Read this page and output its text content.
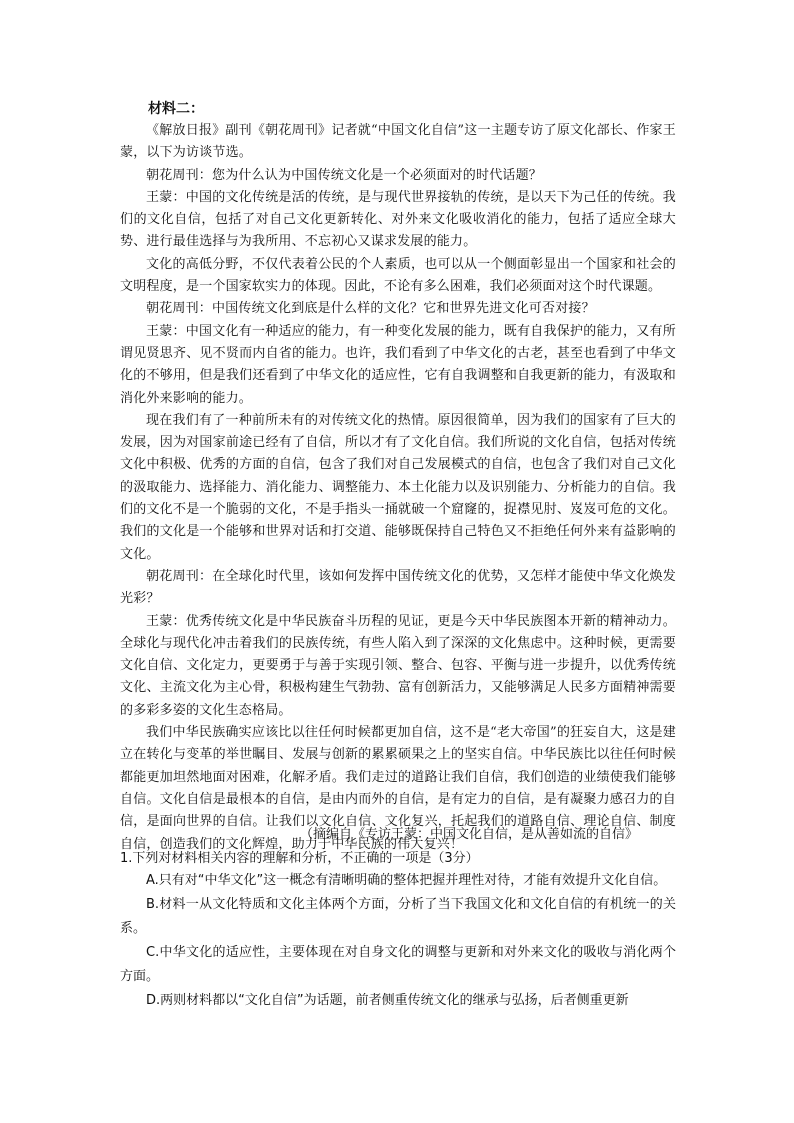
材料二：

《解放日报》副刊《朝花周刊》记者就“中国文化自信”这一主题专访了原文化部长、作家王蒙，以下为访谈节选。

朝花周刊：您为什么认为中国传统文化是一个必须面对的时代话题？

王蒙：中国的文化传统是活的传统，是与现代世界接轨的传统，是以天下为己任的传统。我们的文化自信，包括了对自己文化更新转化、对外来文化吸收消化的能力，包括了适应全球大势、进行最佳选择与为我所用、不忘初心又谋求发展的能力。

文化的高低分野，不仅代表着公民的个人素质，也可以从一个侧面彰显出一个国家和社会的文明程度，是一个国家软实力的体现。因此，不论有多么困难，我们必须面对这个时代课题。

朝花周刊：中国传统文化到底是什么样的文化？它和世界先进文化可否对接？

王蒙：中国文化有一种适应的能力，有一种变化发展的能力，既有自我保护的能力，又有所谓见贤思齐、见不贤而内自省的能力。也许，我们看到了中华文化的古老，甚至也看到了中华文化的不够用，但是我们还看到了中华文化的适应性，它有自我调整和自我更新的能力，有汲取和消化外来影响的能力。

现在我们有了一种前所未有的对传统文化的热情。原因很简单，因为我们的国家有了巨大的发展，因为对国家前途已经有了自信，所以才有了文化自信。我们所说的文化自信，包括对传统文化中积极、优秀的方面的自信，包含了我们对自己发展模式的自信，也包含了我们对自己文化的汲取能力、选择能力、消化能力、调整能力、本土化能力以及识别能力、分析能力的自信。我们的文化不是一个脆弱的文化，不是手指头一捅就破一个窟窿的，捉襟见肘、岌岌可危的文化。我们的文化是一个能够和世界对话和打交道、能够既保持自己特色又不拒绝任何外来有益影响的文化。

朝花周刊：在全球化时代里，该如何发挥中国传统文化的优势，又怎样才能使中华文化焕发光彩？

王蒙：优秀传统文化是中华民族奋斗历程的见证，更是今天中华民族图本开新的精神动力。全球化与现代化冲击着我们的民族传统，有些人陷入到了深深的文化焦虑中。这种时候，更需要文化自信、文化定力，更要勇于与善于实现引领、整合、包容、平衡与进一步提升，以优秀传统文化、主流文化为主心骨，积极构建生气勃勃、富有创新活力，又能够满足人民多方面精神需要的多彩多姿的文化生态格局。

我们中华民族确实应该比以往任何时候都更加自信，这不是“老大帝国”的狂妄自大，这是建立在转化与变革的举世瞩目、发展与创新的累累硕果之上的坚实自信。中华民族比以往任何时候都能更加坦然地面对困难，化解矛盾。我们走过的道路让我们自信，我们创造的业绩使我们能够自信。文化自信是最根本的自信，是由内而外的自信，是有定力的自信，是有凝聚力感召力的自信，是面向世界的自信。让我们以文化自信、文化复兴，托起我们的道路自信、理论自信、制度自信，创造我们的文化辉煌，助力于中华民族的伟大复兴！

（摘编自《专访王蒙：中国文化自信，是从善如流的自信》

1.下列对材料相关内容的理解和分析，不正确的一项是（3分）

A.只有对“中华文化”这一概念有清晰明确的整体把握并理性对待，才能有效提升文化自信。

B.材料一从文化特质和文化主体两个方面，分析了当下我国文化和文化自信的有机统一的关系。

C.中华文化的适应性，主要体现在对自身文化的调整与更新和对外来文化的吸收与消化两个方面。

D.两则材料都以“文化自信”为话题，前者侧重传统文化的继承与弘扬，后者侧重更新
